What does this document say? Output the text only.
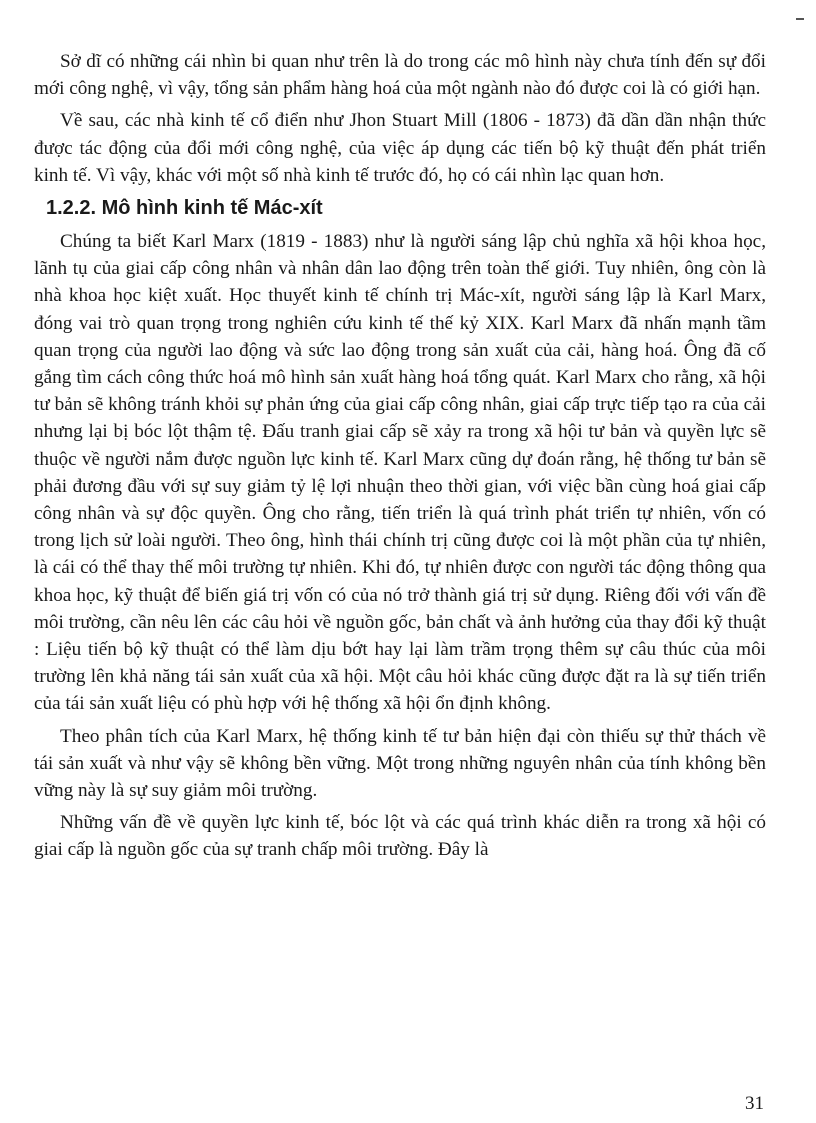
Sở dĩ có những cái nhìn bi quan như trên là do trong các mô hình này chưa tính đến sự đổi mới công nghệ, vì vậy, tổng sản phẩm hàng hoá của một ngành nào đó được coi là có giới hạn.

Về sau, các nhà kinh tế cổ điển như Jhon Stuart Mill (1806 - 1873) đã dần dần nhận thức được tác động của đổi mới công nghệ, của việc áp dụng các tiến bộ kỹ thuật đến phát triển kinh tế. Vì vậy, khác với một số nhà kinh tế trước đó, họ có cái nhìn lạc quan hơn.

1.2.2. Mô hình kinh tế Mác-xít

Chúng ta biết Karl Marx (1819 - 1883) như là người sáng lập chủ nghĩa xã hội khoa học, lãnh tụ của giai cấp công nhân và nhân dân lao động trên toàn thế giới. Tuy nhiên, ông còn là nhà khoa học kiệt xuất. Học thuyết kinh tế chính trị Mác-xít, người sáng lập là Karl Marx, đóng vai trò quan trọng trong nghiên cứu kinh tế thế kỷ XIX. Karl Marx đã nhấn mạnh tầm quan trọng của người lao động và sức lao động trong sản xuất của cải, hàng hoá. Ông đã cố gắng tìm cách công thức hoá mô hình sản xuất hàng hoá tổng quát. Karl Marx cho rằng, xã hội tư bản sẽ không tránh khỏi sự phản ứng của giai cấp công nhân, giai cấp trực tiếp tạo ra của cải nhưng lại bị bóc lột thậm tệ. Đấu tranh giai cấp sẽ xảy ra trong xã hội tư bản và quyền lực sẽ thuộc về người nắm được nguồn lực kinh tế. Karl Marx cũng dự đoán rằng, hệ thống tư bản sẽ phải đương đầu với sự suy giảm tỷ lệ lợi nhuận theo thời gian, với việc bần cùng hoá giai cấp công nhân và sự độc quyền. Ông cho rằng, tiến triển là quá trình phát triển tự nhiên, vốn có trong lịch sử loài người. Theo ông, hình thái chính trị cũng được coi là một phần của tự nhiên, là cái có thể thay thế môi trường tự nhiên. Khi đó, tự nhiên được con người tác động thông qua khoa học, kỹ thuật để biến giá trị vốn có của nó trở thành giá trị sử dụng. Riêng đối với vấn đề môi trường, cần nêu lên các câu hỏi về nguồn gốc, bản chất và ảnh hưởng của thay đổi kỹ thuật : Liệu tiến bộ kỹ thuật có thể làm dịu bớt hay lại làm trầm trọng thêm sự câu thúc của môi trường lên khả năng tái sản xuất của xã hội. Một câu hỏi khác cũng được đặt ra là sự tiến triển của tái sản xuất liệu có phù hợp với hệ thống xã hội ổn định không.

Theo phân tích của Karl Marx, hệ thống kinh tế tư bản hiện đại còn thiếu sự thử thách về tái sản xuất và như vậy sẽ không bền vững. Một trong những nguyên nhân của tính không bền vững này là sự suy giảm môi trường.

Những vấn đề về quyền lực kinh tế, bóc lột và các quá trình khác diễn ra trong xã hội có giai cấp là nguồn gốc của sự tranh chấp môi trường. Đây là

31
